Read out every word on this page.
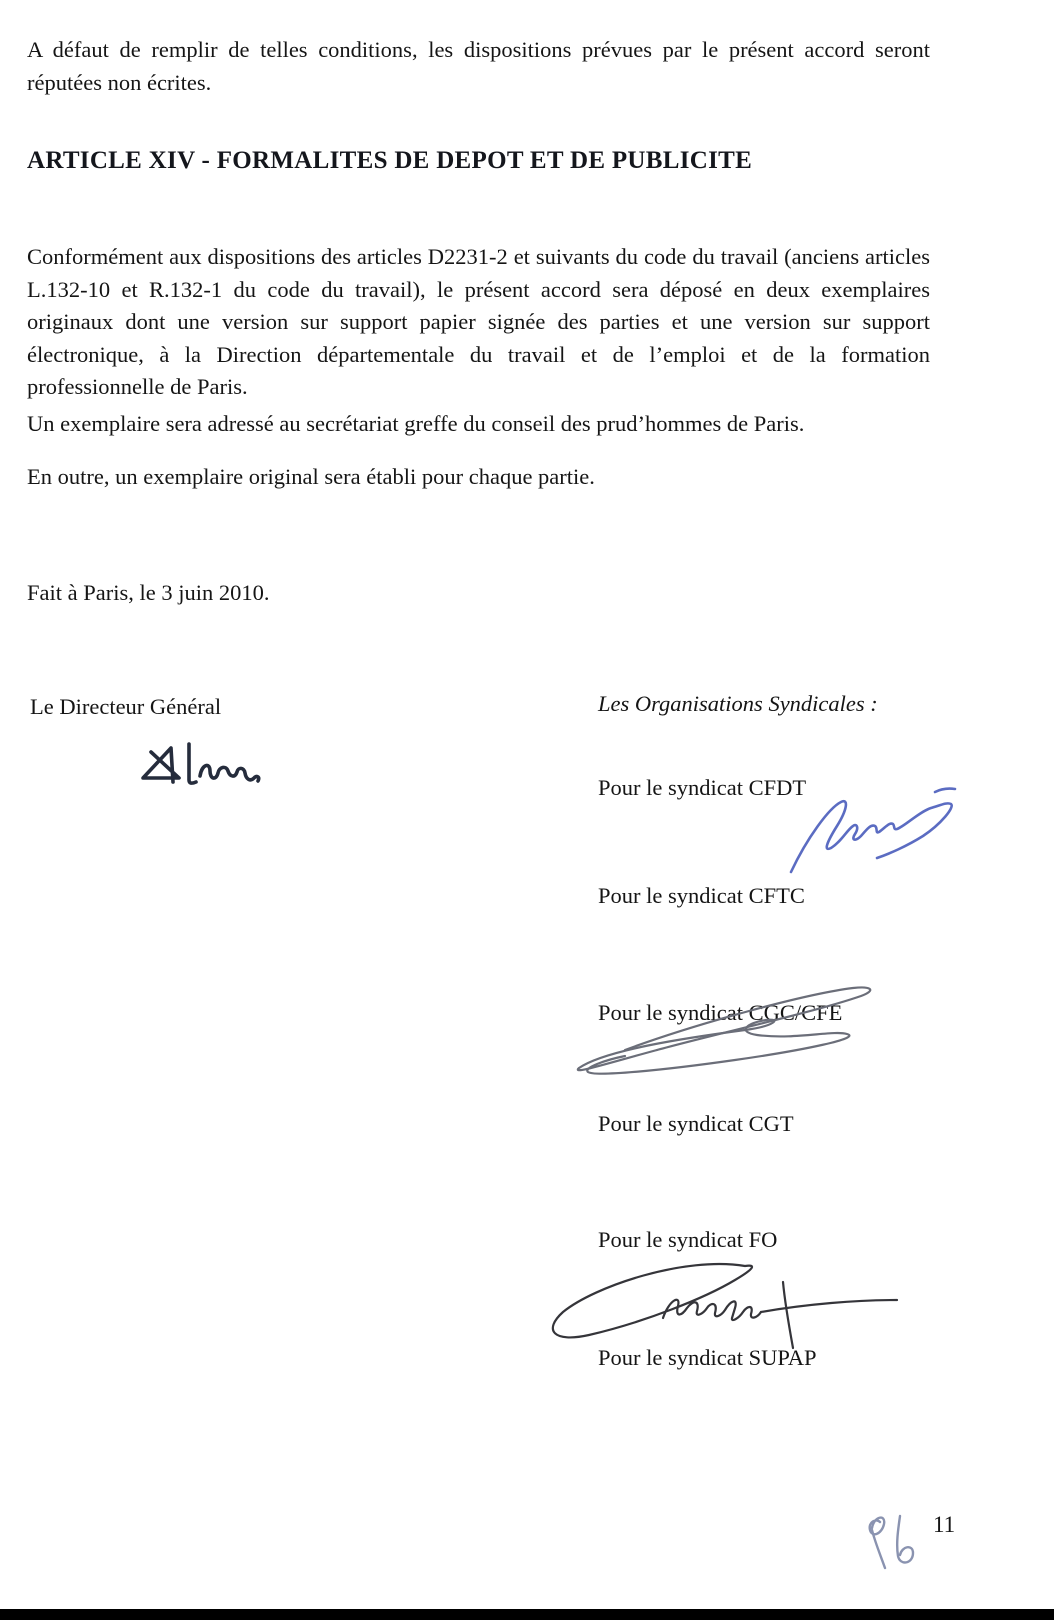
A défaut de remplir de telles conditions, les dispositions prévues par le présent accord seront réputées non écrites.

ARTICLE XIV - FORMALITES DE DEPOT ET DE PUBLICITE

Conformément aux dispositions des articles D2231-2 et suivants du code du travail (anciens articles L.132-10 et R.132-1 du code du travail), le présent accord sera déposé en deux exemplaires originaux dont une version sur support papier signée des parties et une version sur support électronique, à la Direction départementale du travail et de l’emploi et de la formation professionnelle de Paris.

Un exemplaire sera adressé au secrétariat greffe du conseil des prud’hommes de Paris.

En outre, un exemplaire original sera établi pour chaque partie.

Fait à Paris, le 3 juin 2010.

Le Directeur Général	Les Organisations Syndicales :

Pour le syndicat CFDT

Pour le syndicat CFTC

Pour le syndicat CGC/CFE

Pour le syndicat CGT

Pour le syndicat FO

Pour le syndicat SUPAP

11
